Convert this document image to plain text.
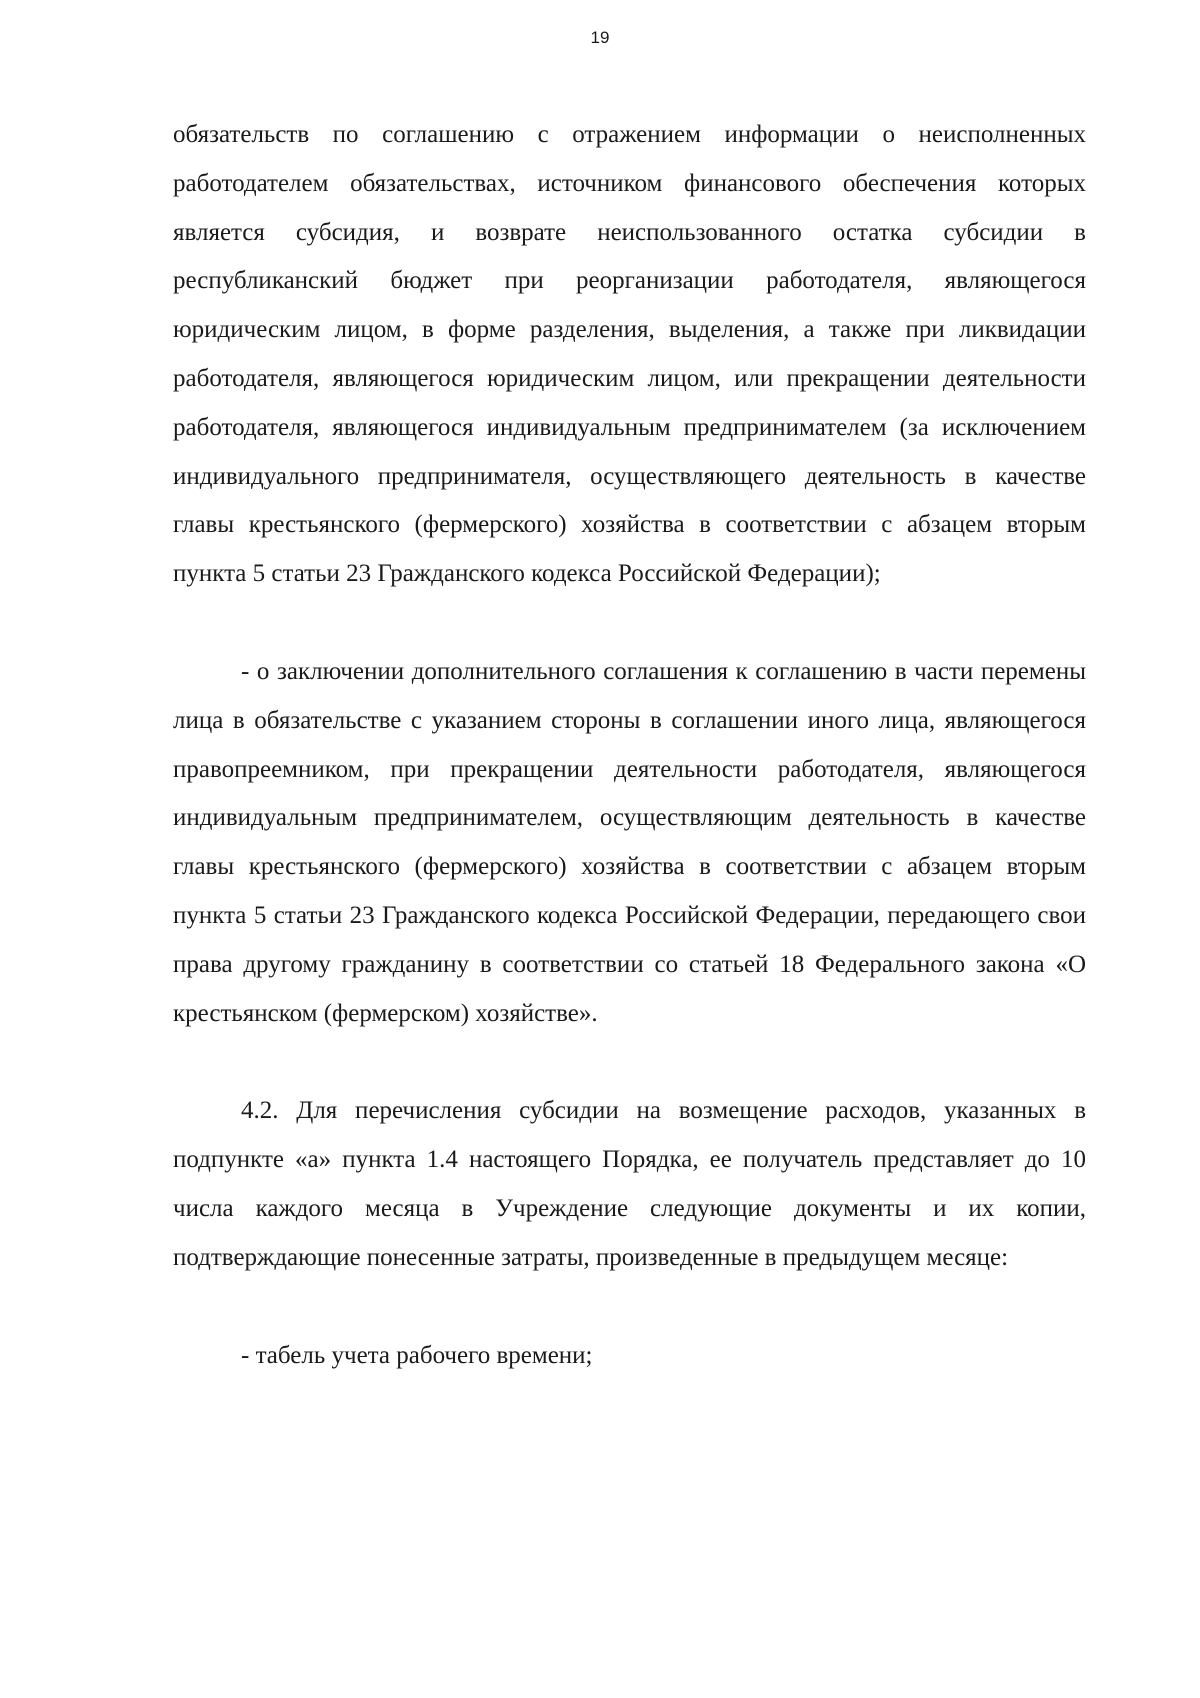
19

обязательств по соглашению с отражением информации о неисполненных работодателем обязательствах, источником финансового обеспечения которых является субсидия, и возврате неиспользованного остатка субсидии в республиканский бюджет при реорганизации работодателя, являющегося юридическим лицом, в форме разделения, выделения, а также при ликвидации работодателя, являющегося юридическим лицом, или прекращении деятельности работодателя, являющегося индивидуальным предпринимателем (за исключением индивидуального предпринимателя, осуществляющего деятельность в качестве главы крестьянского (фермерского) хозяйства в соответствии с абзацем вторым пункта 5 статьи 23 Гражданского кодекса Российской Федерации);

- о заключении дополнительного соглашения к соглашению в части перемены лица в обязательстве с указанием стороны в соглашении иного лица, являющегося правопреемником, при прекращении деятельности работодателя, являющегося индивидуальным предпринимателем, осуществляющим деятельность в качестве главы крестьянского (фермерского) хозяйства в соответствии с абзацем вторым пункта 5 статьи 23 Гражданского кодекса Российской Федерации, передающего свои права другому гражданину в соответствии со статьей 18 Федерального закона «О крестьянском (фермерском) хозяйстве».

4.2. Для перечисления субсидии на возмещение расходов, указанных в подпункте «а» пункта 1.4 настоящего Порядка, ее получатель представляет до 10 числа каждого месяца в Учреждение следующие документы и их копии, подтверждающие понесенные затраты, произведенные в предыдущем месяце:

- табель учета рабочего времени;
